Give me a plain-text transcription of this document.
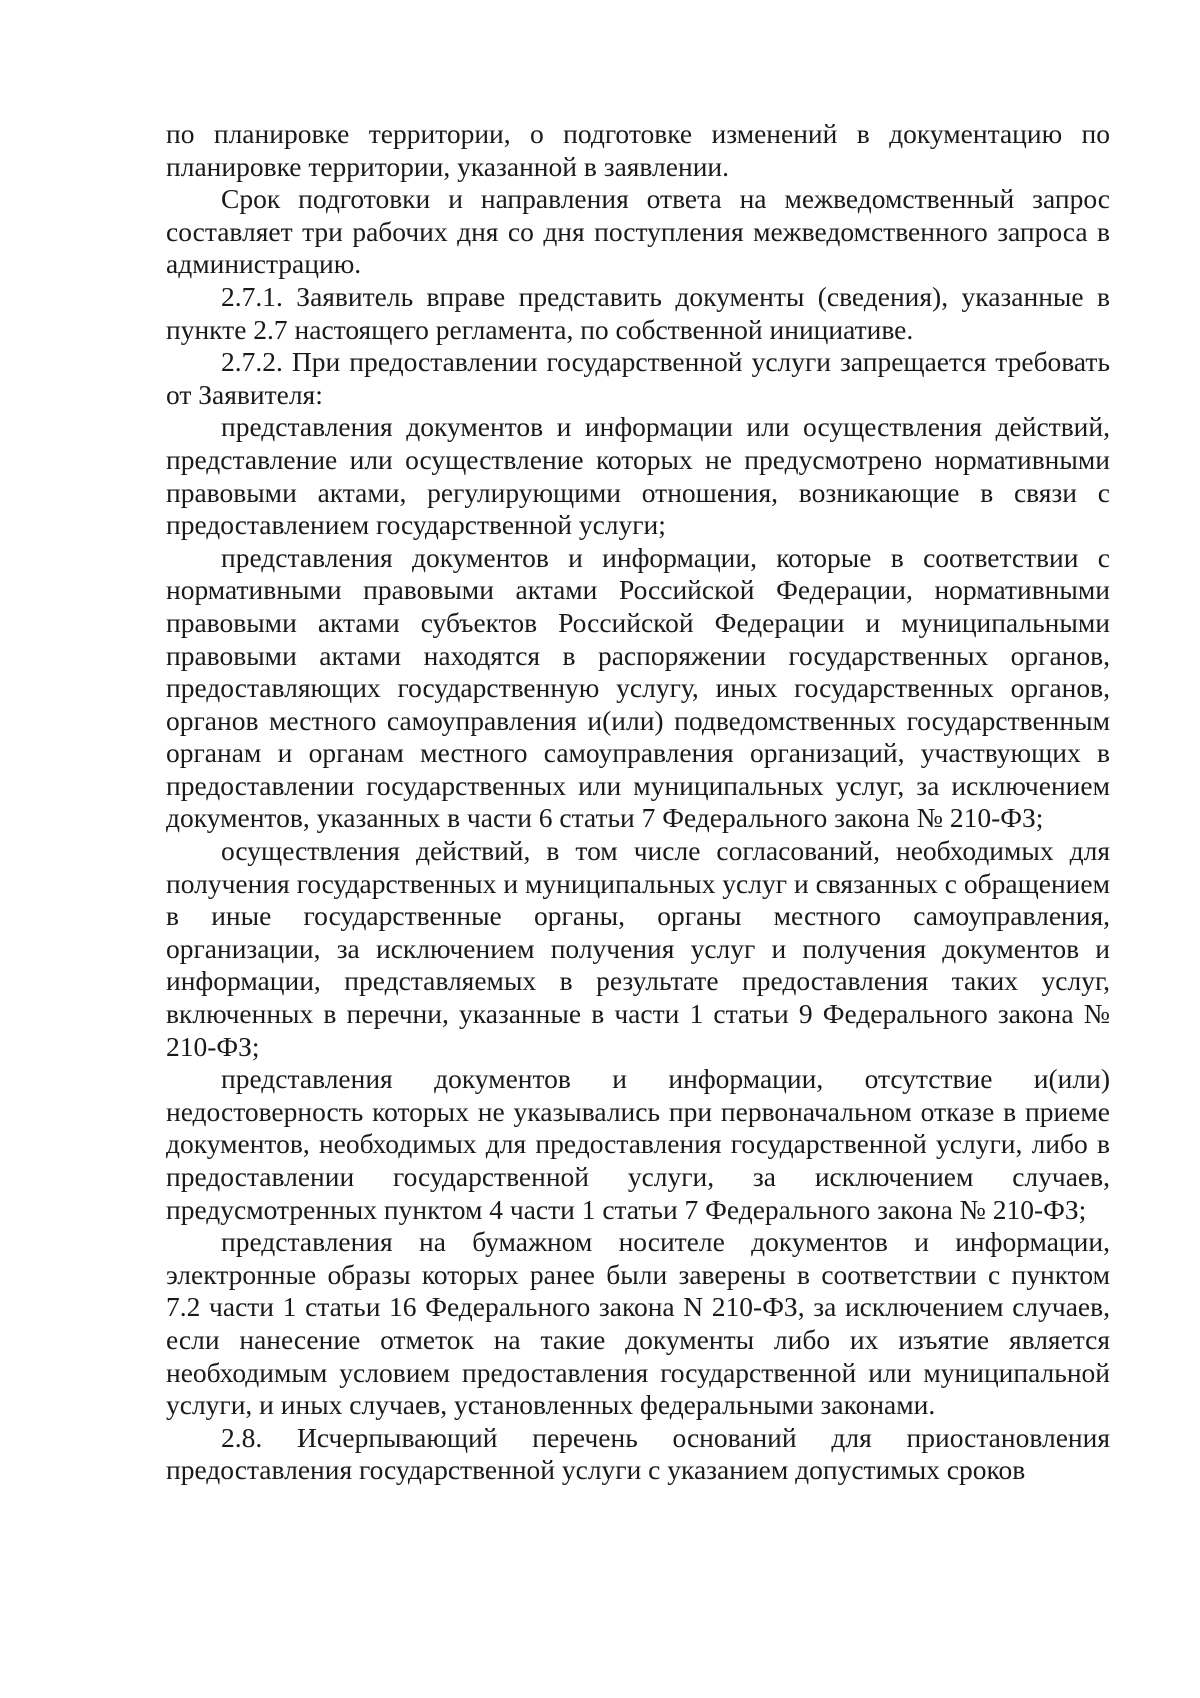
по планировке территории, о подготовке изменений в документацию по планировке территории, указанной в заявлении.

Срок подготовки и направления ответа на межведомственный запрос составляет три рабочих дня со дня поступления межведомственного запроса в администрацию.

2.7.1. Заявитель вправе представить документы (сведения), указанные в пункте 2.7 настоящего регламента, по собственной инициативе.

2.7.2. При предоставлении государственной услуги запрещается требовать от Заявителя:

представления документов и информации или осуществления действий, представление или осуществление которых не предусмотрено нормативными правовыми актами, регулирующими отношения, возникающие в связи с предоставлением государственной услуги;

представления документов и информации, которые в соответствии с нормативными правовыми актами Российской Федерации, нормативными правовыми актами субъектов Российской Федерации и муниципальными правовыми актами находятся в распоряжении государственных органов, предоставляющих государственную услугу, иных государственных органов, органов местного самоуправления и(или) подведомственных государственным органам и органам местного самоуправления организаций, участвующих в предоставлении государственных или муниципальных услуг, за исключением документов, указанных в части 6 статьи 7 Федерального закона № 210-ФЗ;

осуществления действий, в том числе согласований, необходимых для получения государственных и муниципальных услуг и связанных с обращением в иные государственные органы, органы местного самоуправления, организации, за исключением получения услуг и получения документов и информации, представляемых в результате предоставления таких услуг, включенных в перечни, указанные в части 1 статьи 9 Федерального закона № 210-ФЗ;

представления документов и информации, отсутствие и(или) недостоверность которых не указывались при первоначальном отказе в приеме документов, необходимых для предоставления государственной услуги, либо в предоставлении государственной услуги, за исключением случаев, предусмотренных пунктом 4 части 1 статьи 7 Федерального закона № 210-ФЗ;

представления на бумажном носителе документов и информации, электронные образы которых ранее были заверены в соответствии с пунктом 7.2 части 1 статьи 16 Федерального закона N 210-ФЗ, за исключением случаев, если нанесение отметок на такие документы либо их изъятие является необходимым условием предоставления государственной или муниципальной услуги, и иных случаев, установленных федеральными законами.

2.8. Исчерпывающий перечень оснований для приостановления предоставления государственной услуги с указанием допустимых сроков
